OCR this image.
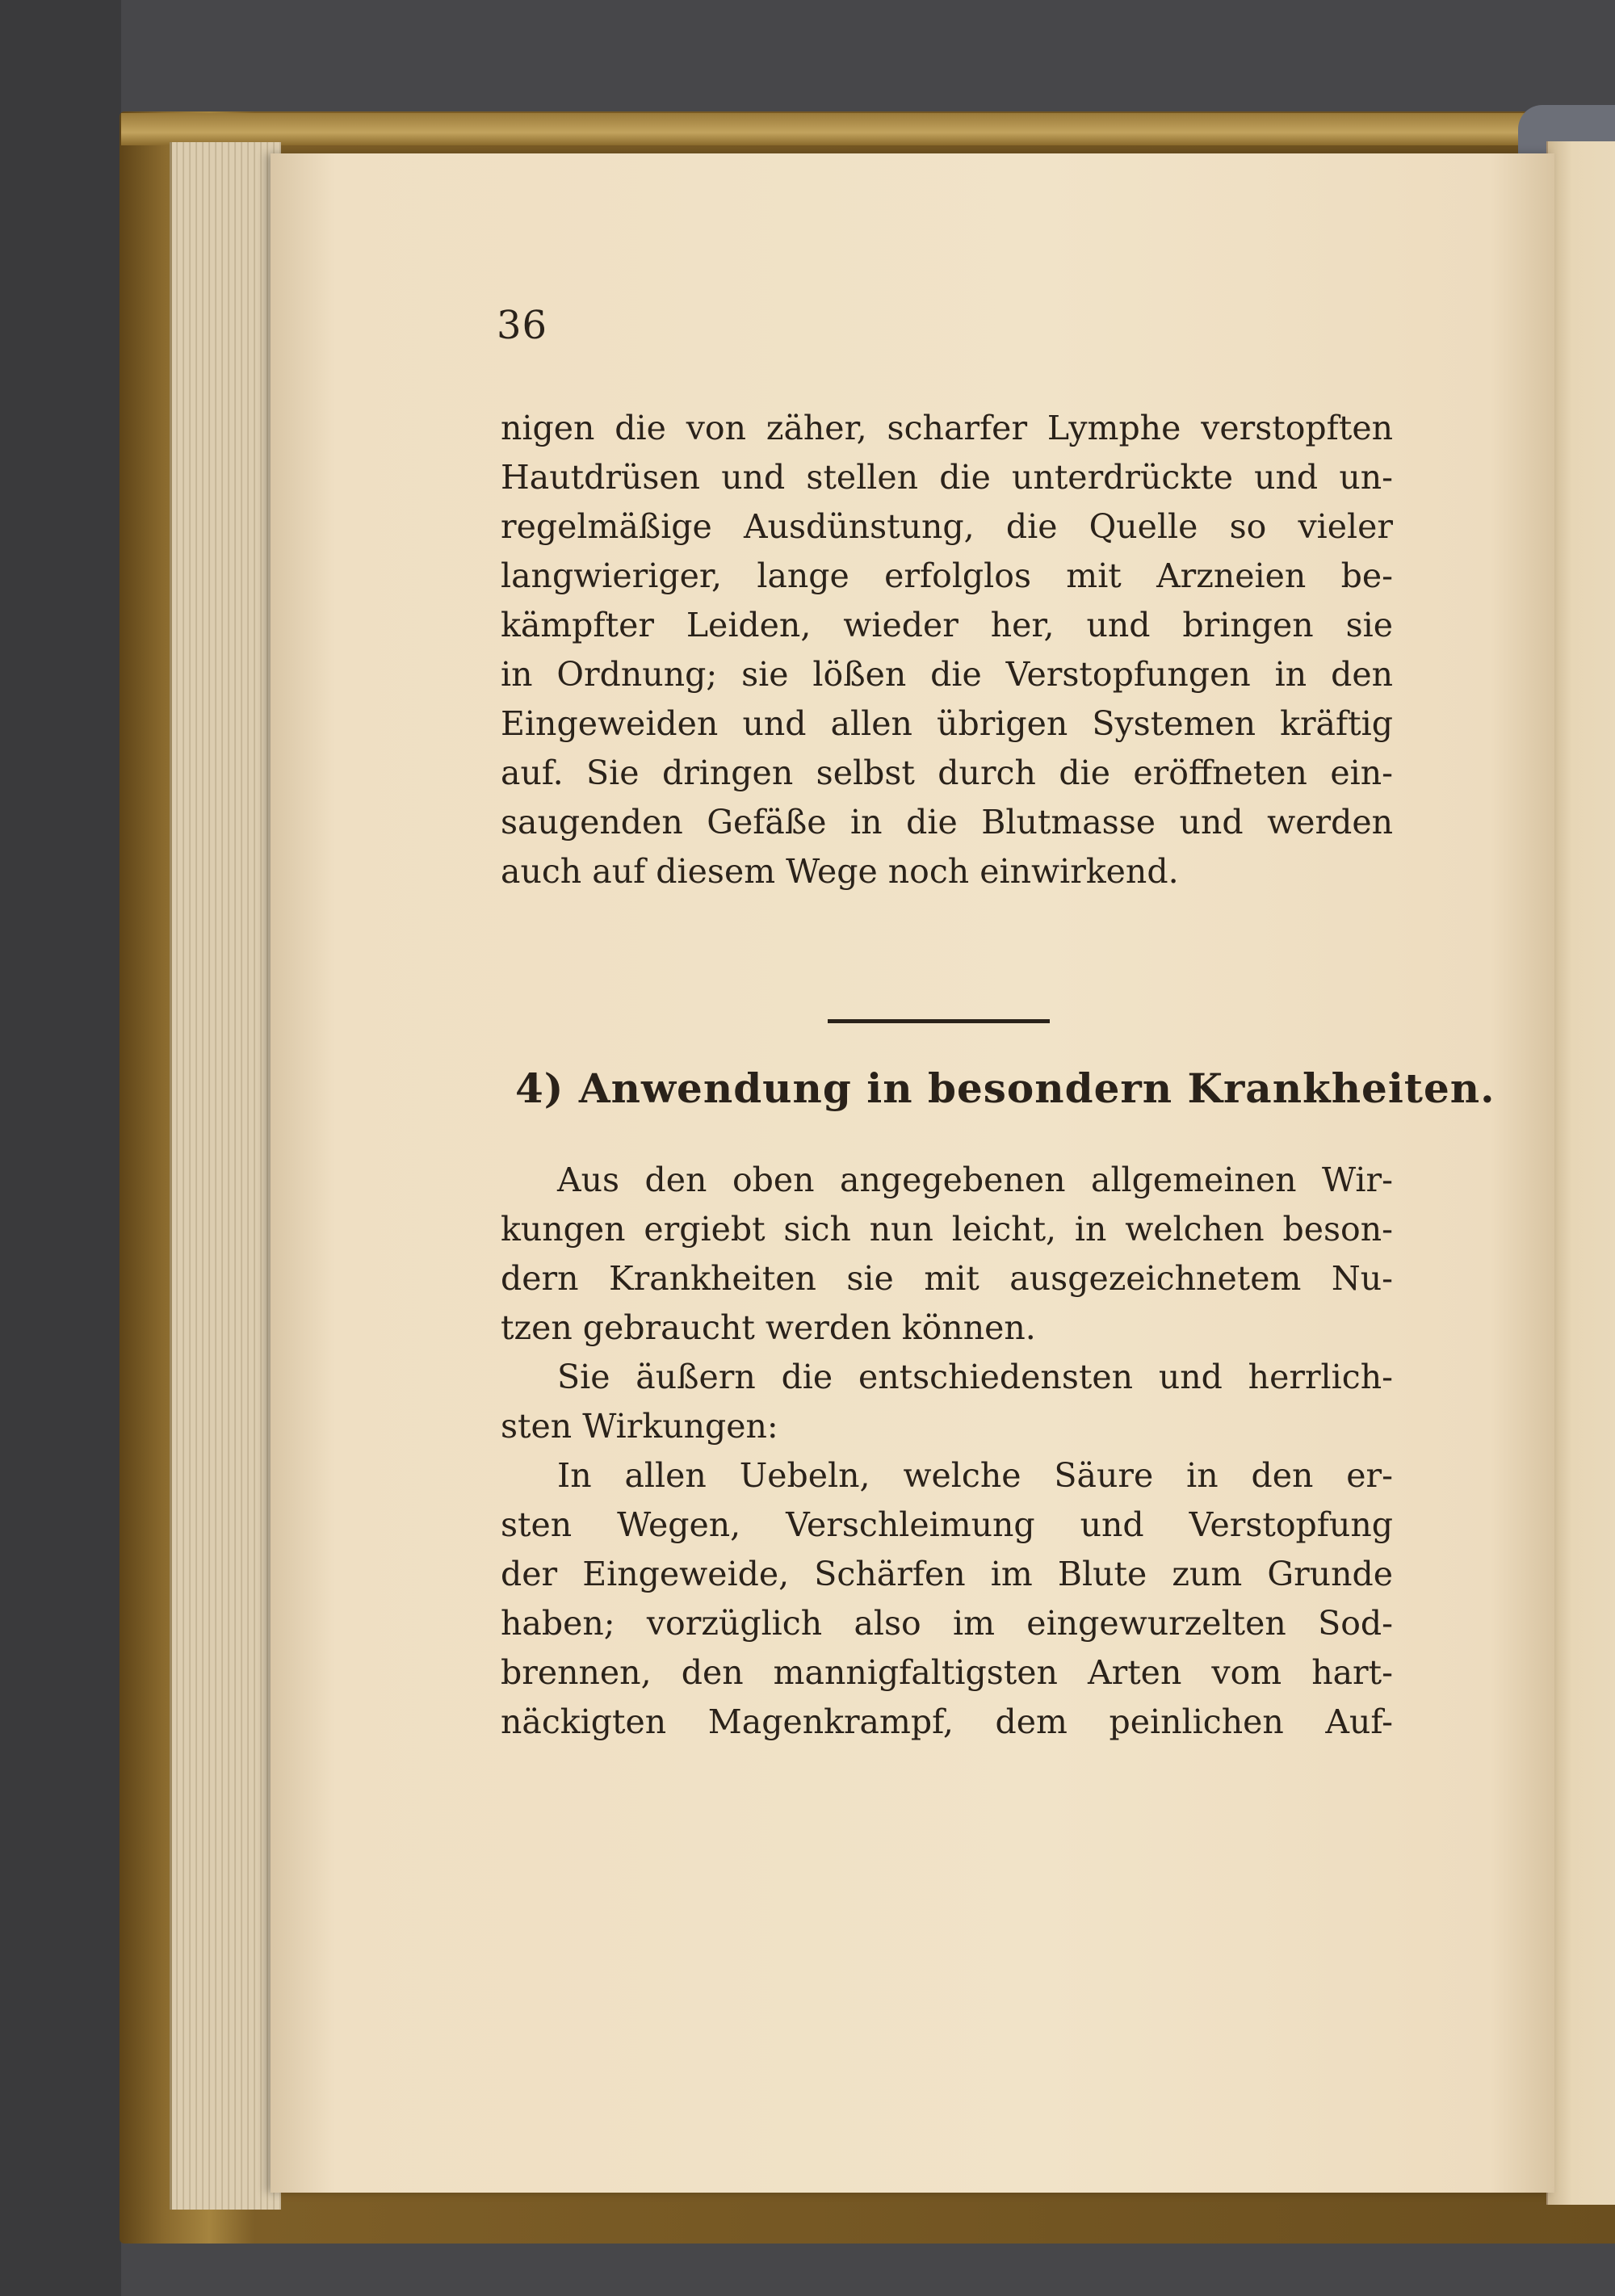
36
nigen die von zäher, scharfer Lymphe verstopften
Hautdrüsen und stellen die unterdrückte und un-
regelmäßige Ausdünstung, die Quelle so vieler
langwieriger, lange erfolglos mit Arzneien be-
kämpfter Leiden, wieder her, und bringen sie
in Ordnung; sie lößen die Verstopfungen in den
Eingeweiden und allen übrigen Systemen kräftig
auf. Sie dringen selbst durch die eröffneten ein-
saugenden Gefäße in die Blutmasse und werden
auch auf diesem Wege noch einwirkend.
4) Anwendung in besondern Krankheiten.
Aus den oben angegebenen allgemeinen Wir-
kungen ergiebt sich nun leicht, in welchen beson-
dern Krankheiten sie mit ausgezeichnetem Nu-
tzen gebraucht werden können.
Sie äußern die entschiedensten und herrlich-
sten Wirkungen:
In allen Uebeln, welche Säure in den er-
sten Wegen, Verschleimung und Verstopfung
der Eingeweide, Schärfen im Blute zum Grunde
haben; vorzüglich also im eingewurzelten Sod-
brennen, den mannigfaltigsten Arten vom hart-
näckigten Magenkrampf, dem peinlichen Auf-
